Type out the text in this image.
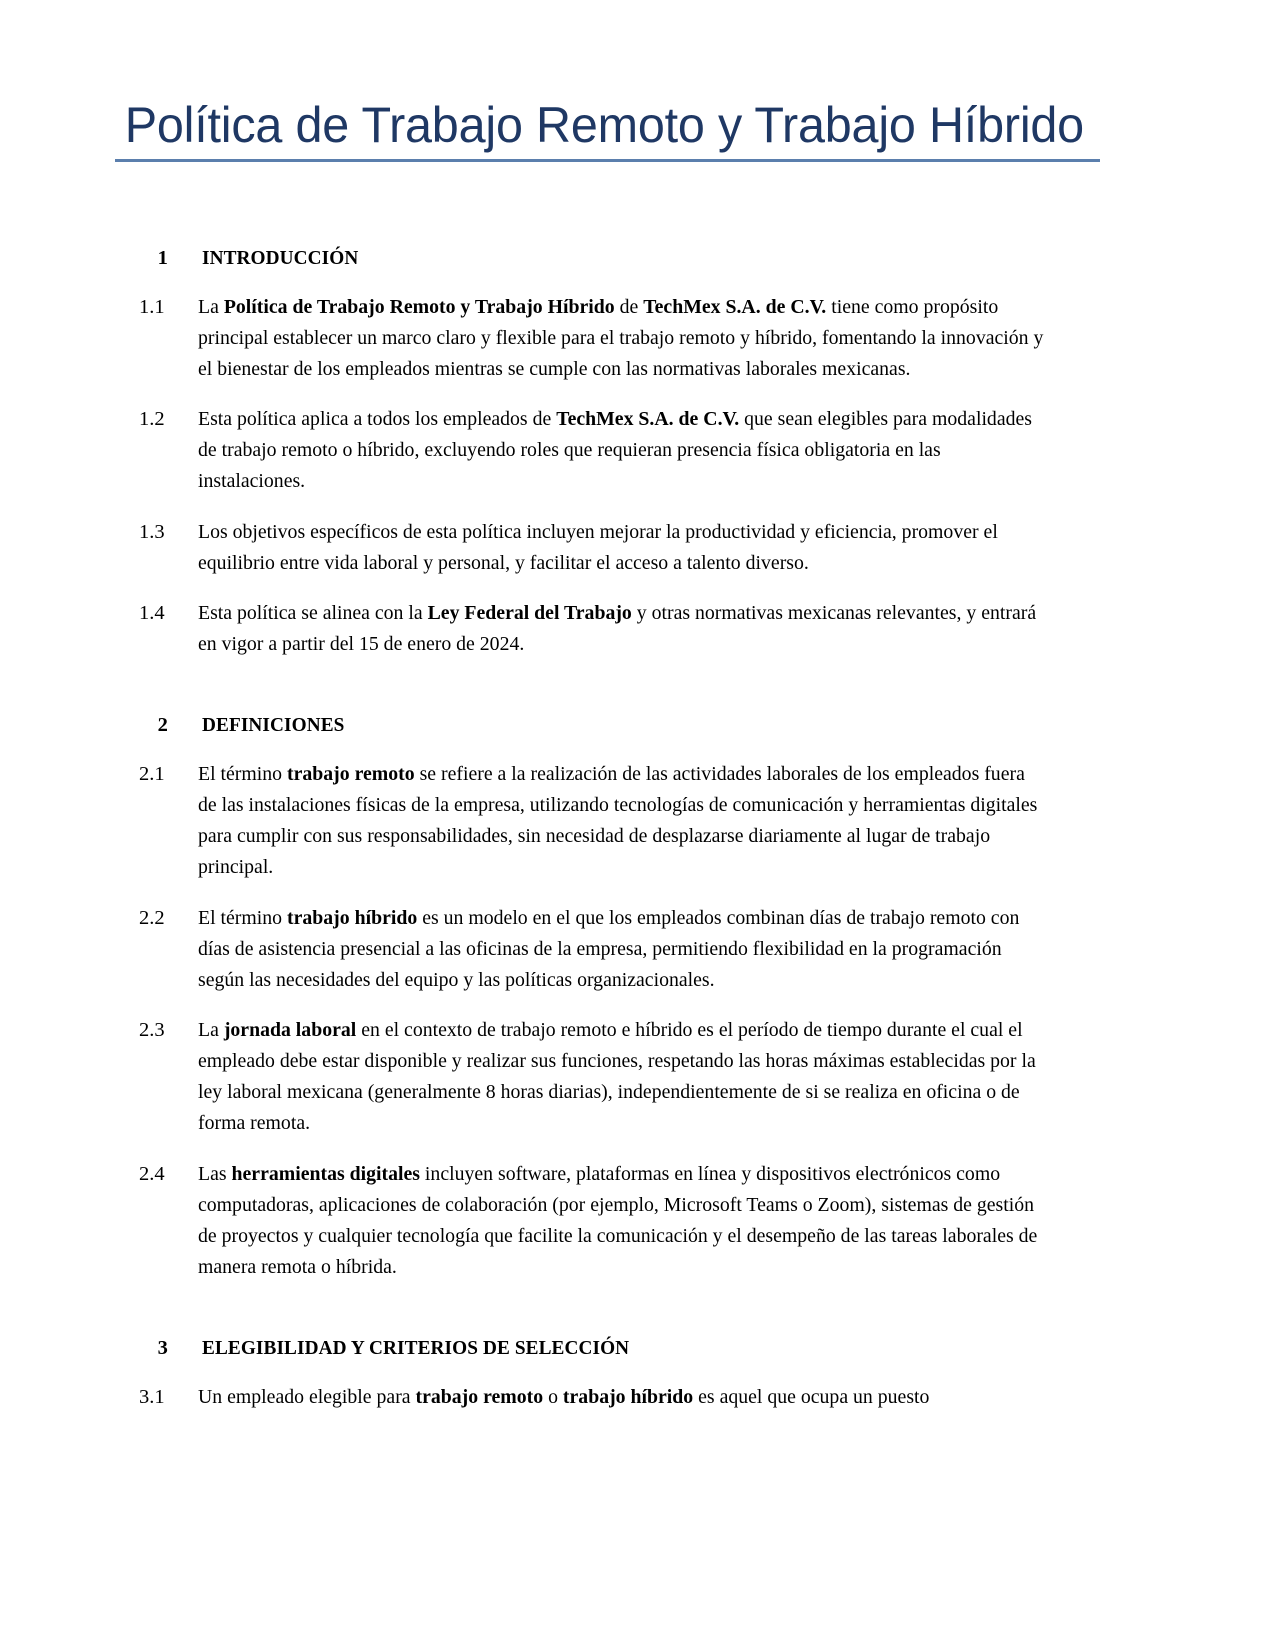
Política de Trabajo Remoto y Trabajo Híbrido
1 INTRODUCCIÓN
1.1	La Política de Trabajo Remoto y Trabajo Híbrido de TechMex S.A. de C.V. tiene como propósito principal establecer un marco claro y flexible para el trabajo remoto y híbrido, fomentando la innovación y el bienestar de los empleados mientras se cumple con las normativas laborales mexicanas.
1.2	Esta política aplica a todos los empleados de TechMex S.A. de C.V. que sean elegibles para modalidades de trabajo remoto o híbrido, excluyendo roles que requieran presencia física obligatoria en las instalaciones.
1.3	Los objetivos específicos de esta política incluyen mejorar la productividad y eficiencia, promover el equilibrio entre vida laboral y personal, y facilitar el acceso a talento diverso.
1.4	Esta política se alinea con la Ley Federal del Trabajo y otras normativas mexicanas relevantes, y entrará en vigor a partir del 15 de enero de 2024.
2 DEFINICIONES
2.1	El término trabajo remoto se refiere a la realización de las actividades laborales de los empleados fuera de las instalaciones físicas de la empresa, utilizando tecnologías de comunicación y herramientas digitales para cumplir con sus responsabilidades, sin necesidad de desplazarse diariamente al lugar de trabajo principal.
2.2	El término trabajo híbrido es un modelo en el que los empleados combinan días de trabajo remoto con días de asistencia presencial a las oficinas de la empresa, permitiendo flexibilidad en la programación según las necesidades del equipo y las políticas organizacionales.
2.3	La jornada laboral en el contexto de trabajo remoto e híbrido es el período de tiempo durante el cual el empleado debe estar disponible y realizar sus funciones, respetando las horas máximas establecidas por la ley laboral mexicana (generalmente 8 horas diarias), independientemente de si se realiza en oficina o de forma remota.
2.4	Las herramientas digitales incluyen software, plataformas en línea y dispositivos electrónicos como computadoras, aplicaciones de colaboración (por ejemplo, Microsoft Teams o Zoom), sistemas de gestión de proyectos y cualquier tecnología que facilite la comunicación y el desempeño de las tareas laborales de manera remota o híbrida.
3 ELEGIBILIDAD Y CRITERIOS DE SELECCIÓN
3.1	Un empleado elegible para trabajo remoto o trabajo híbrido es aquel que ocupa un puesto
